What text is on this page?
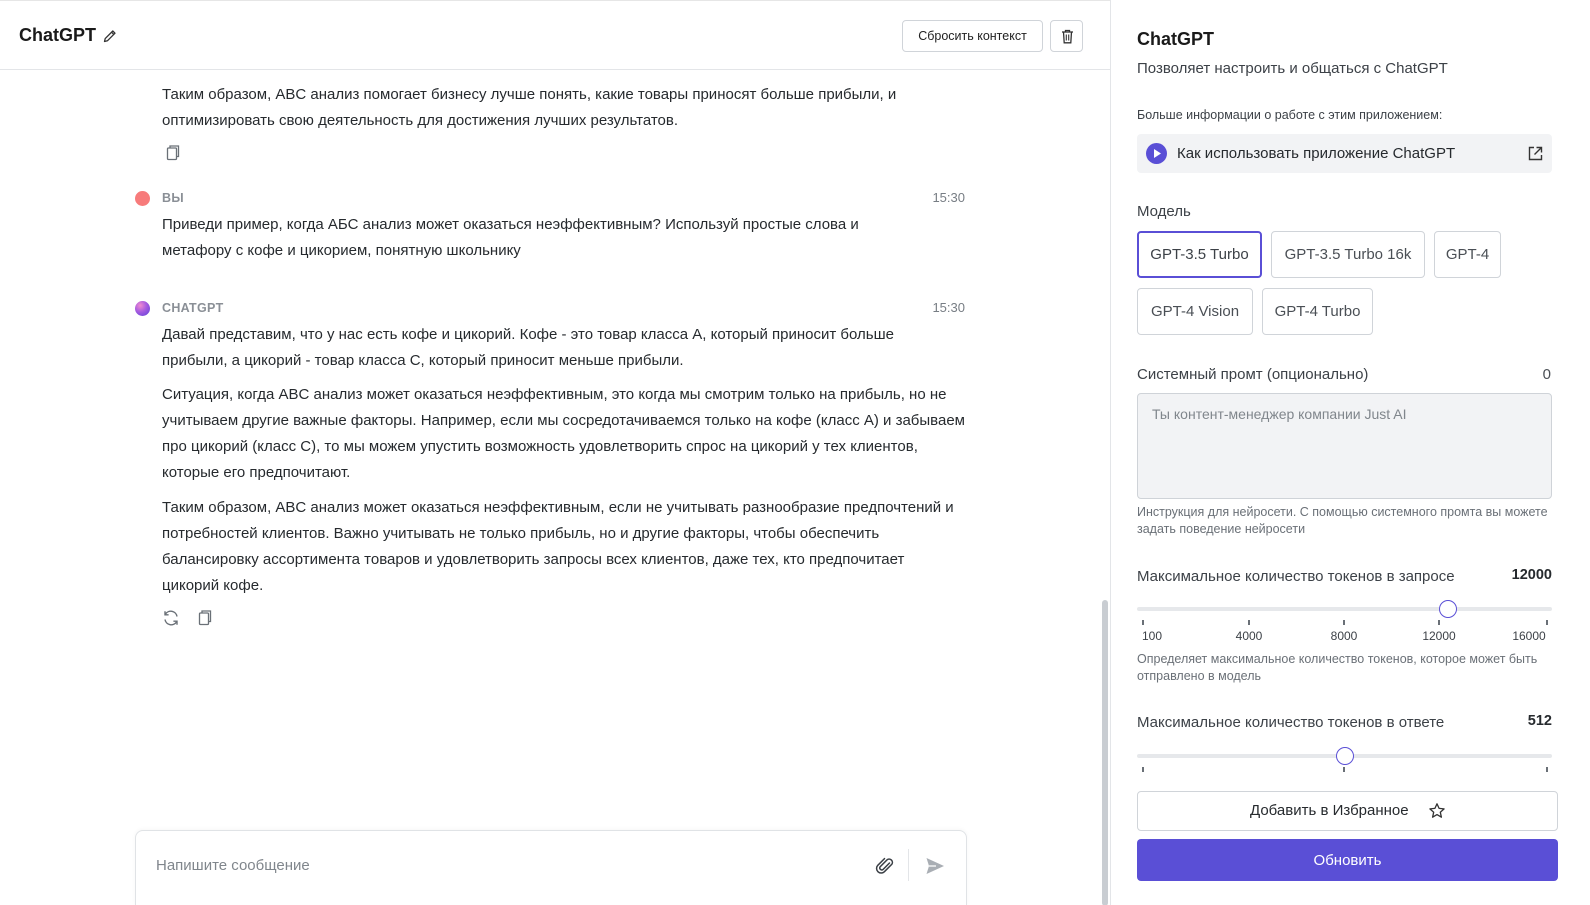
ChatGPT	Сбросить контекст
Таким образом, ABC анализ помогает бизнесу лучше понять, какие товары приносят больше прибыли, и оптимизировать свою деятельность для достижения лучших результатов.
ВЫ	15:30
Приведи пример, когда АБС анализ может оказаться неэффективным? Используй простые слова и метафору с кофе и цикорием, понятную школьнику
CHATGPT	15:30
Давай представим, что у нас есть кофе и цикорий. Кофе - это товар класса A, который приносит больше прибыли, а цикорий - товар класса C, который приносит меньше прибыли.
Ситуация, когда ABC анализ может оказаться неэффективным, это когда мы смотрим только на прибыль, но не учитываем другие важные факторы. Например, если мы сосредотачиваемся только на кофе (класс A) и забываем про цикорий (класс C), то мы можем упустить возможность удовлетворить спрос на цикорий у тех клиентов, которые его предпочитают.
Таким образом, ABC анализ может оказаться неэффективным, если не учитывать разнообразие предпочтений и потребностей клиентов. Важно учитывать не только прибыль, но и другие факторы, чтобы обеспечить балансировку ассортимента товаров и удовлетворить запросы всех клиентов, даже тех, кто предпочитает цикорий кофе.
Напишите сообщение
ChatGPT
Позволяет настроить и общаться с ChatGPT
Больше информации о работе с этим приложением:
Как использовать приложение ChatGPT
Модель
GPT-3.5 Turbo	GPT-3.5 Turbo 16k	GPT-4
GPT-4 Vision	GPT-4 Turbo
Системный промт (опционально)	0
Ты контент-менеджер компании Just AI
Инструкция для нейросети. С помощью системного промта вы можете задать поведение нейросети
Максимальное количество токенов в запросе	12000
100	4000	8000	12000	16000
Определяет максимальное количество токенов, которое может быть отправлено в модель
Максимальное количество токенов в ответе	512
Добавить в Избранное
Обновить
